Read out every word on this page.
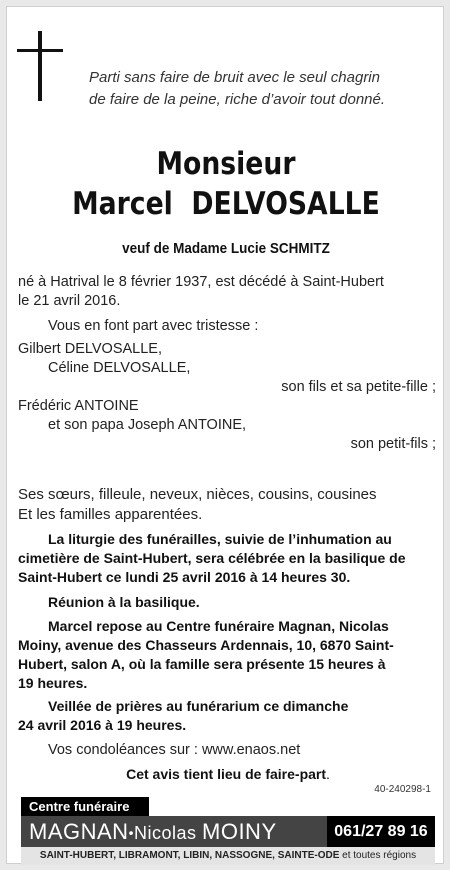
Parti sans faire de bruit avec le seul chagrin
de faire de la peine, riche d’avoir tout donné.
Monsieur
Marcel  DELVOSALLE
veuf de Madame Lucie SCHMITZ
né à Hatrival le 8 février 1937, est décédé à Saint-Hubert
le 21 avril 2016.
Vous en font part avec tristesse :
Gilbert DELVOSALLE,
Céline DELVOSALLE,
son fils et sa petite-fille ;
Frédéric ANTOINE
et son papa Joseph ANTOINE,
son petit-fils ;
Ses sœurs, filleule, neveux, nièces, cousins, cousines
Et les familles apparentées.
La liturgie des funérailles, suivie de l’inhumation au
cimetière de Saint-Hubert, sera célébrée en la basilique de
Saint-Hubert ce lundi 25 avril 2016 à 14 heures 30.
Réunion à la basilique.
Marcel repose au Centre funéraire Magnan, Nicolas
Moiny, avenue des Chasseurs Ardennais, 10, 6870 Saint-
Hubert, salon A, où la famille sera présente 15 heures à
19 heures.
Veillée de prières au funérarium ce dimanche
24 avril 2016 à 19 heures.
Vos condoléances sur : www.enaos.net
Cet avis tient lieu de faire-part.
40-240298-1
Centre funéraire
MAGNAN•Nicolas MOINY	061/27 89 16
SAINT-HUBERT, LIBRAMONT, LIBIN, NASSOGNE, SAINTE-ODE et toutes régions
